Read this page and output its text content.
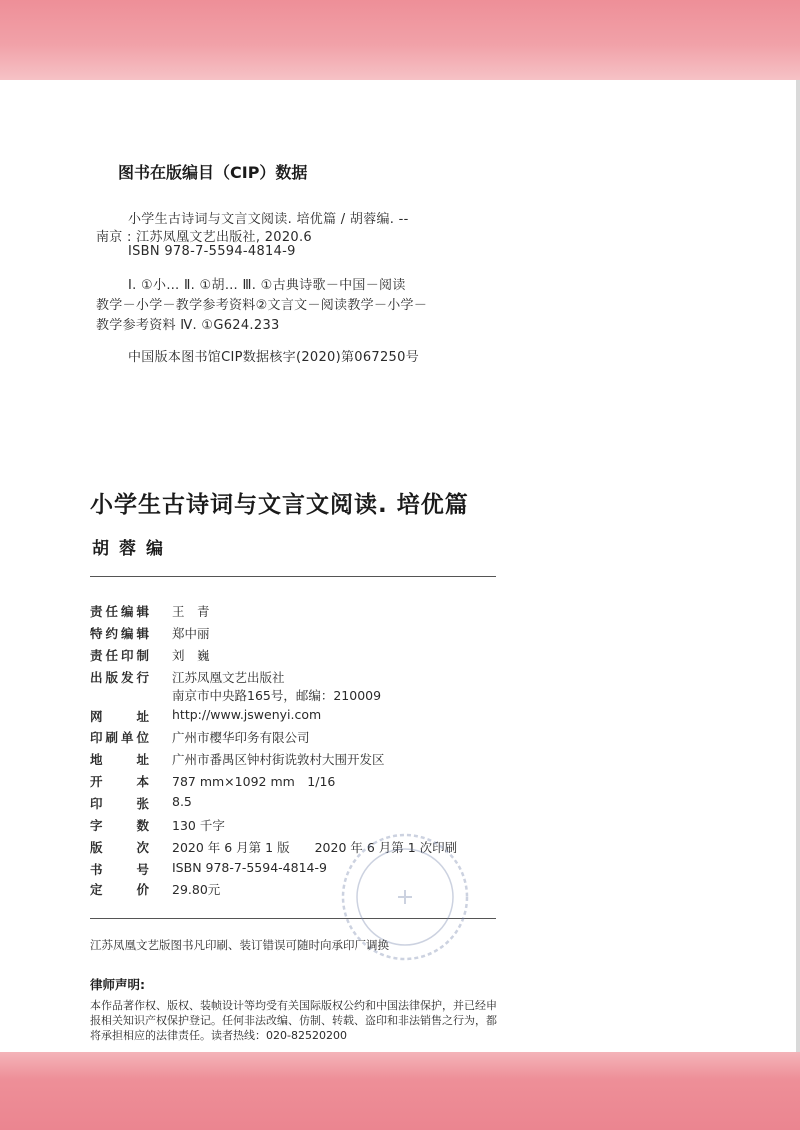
图书在版编目（CIP）数据
小学生古诗词与文言文阅读. 培优篇 / 胡蓉编. --
南京 : 江苏凤凰文艺出版社, 2020.6
ISBN 978-7-5594-4814-9
Ⅰ. ①小… Ⅱ. ①胡… Ⅲ. ①古典诗歌－中国－阅读
教学－小学－教学参考资料②文言文－阅读教学－小学－
教学参考资料 Ⅳ. ①G624.233
中国版本图书馆CIP数据核字(2020)第067250号
小学生古诗词与文言文阅读. 培优篇
胡蓉编
责任编辑 王　青
特约编辑 郑中丽
责任印制 刘　巍
出版发行 江苏凤凰文艺出版社
南京市中央路165号，邮编：210009
网址 http://www.jswenyi.com
印刷单位 广州市樱华印务有限公司
地址 广州市番禺区钟村街诜敦村大围开发区
开本 787 mm×1092 mm　1/16
印张 8.5
字数 130 千字
版次 2020 年 6 月第 1 版　　2020 年 6 月第 1 次印刷
书号 ISBN 978-7-5594-4814-9
定价 29.80元
江苏凤凰文艺版图书凡印刷、装订错误可随时向承印厂调换
律师声明:
本作品著作权、版权、装帧设计等均受有关国际版权公约和中国法律保护，并已经申
报相关知识产权保护登记。任何非法改编、仿制、转载、盗印和非法销售之行为，都
将承担相应的法律责任。读者热线：020-82520200
